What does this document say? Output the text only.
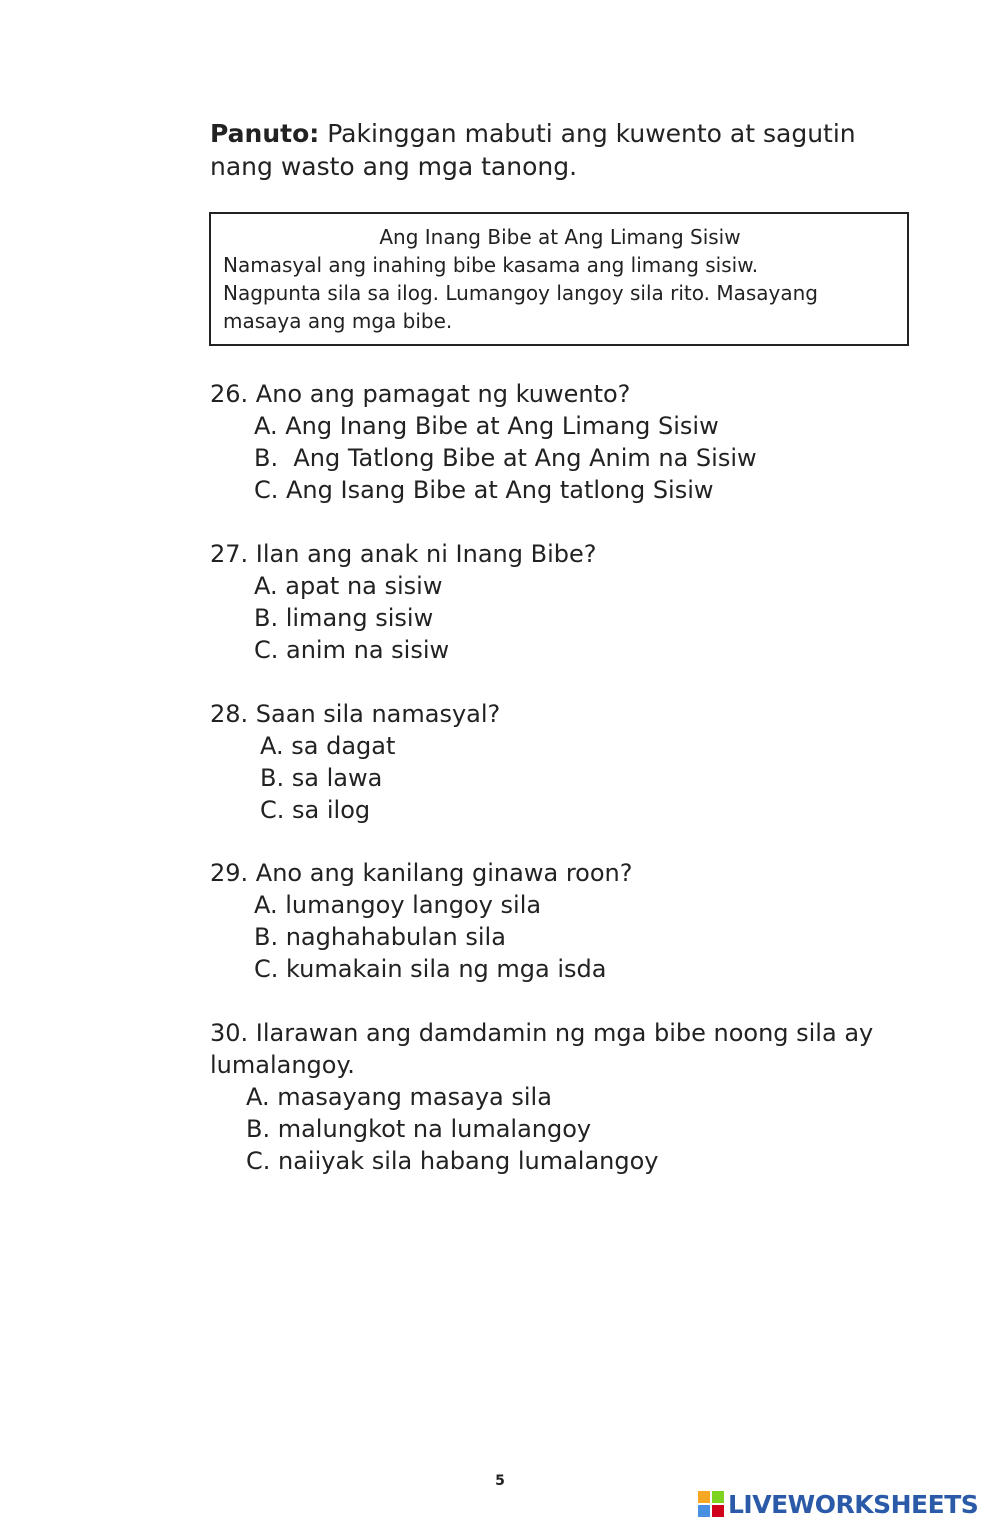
Panuto: Pakinggan mabuti ang kuwento at sagutin nang wasto ang mga tanong.
Ang Inang Bibe at Ang Limang Sisiw
Namasyal ang inahing bibe kasama ang limang sisiw.
Nagpunta sila sa ilog. Lumangoy langoy sila rito. Masayang
masaya ang mga bibe.
26. Ano ang pamagat ng kuwento?
A. Ang Inang Bibe at Ang Limang Sisiw
B.  Ang Tatlong Bibe at Ang Anim na Sisiw
C. Ang Isang Bibe at Ang tatlong Sisiw
27. Ilan ang anak ni Inang Bibe?
A. apat na sisiw
B. limang sisiw
C. anim na sisiw
28. Saan sila namasyal?
A. sa dagat
B. sa lawa
C. sa ilog
29. Ano ang kanilang ginawa roon?
A. lumangoy langoy sila
B. naghahabulan sila
C. kumakain sila ng mga isda
30. Ilarawan ang damdamin ng mga bibe noong sila ay lumalangoy.
A. masayang masaya sila
B. malungkot na lumalangoy
C. naiiyak sila habang lumalangoy
5
LIVEWORKSHEETS
